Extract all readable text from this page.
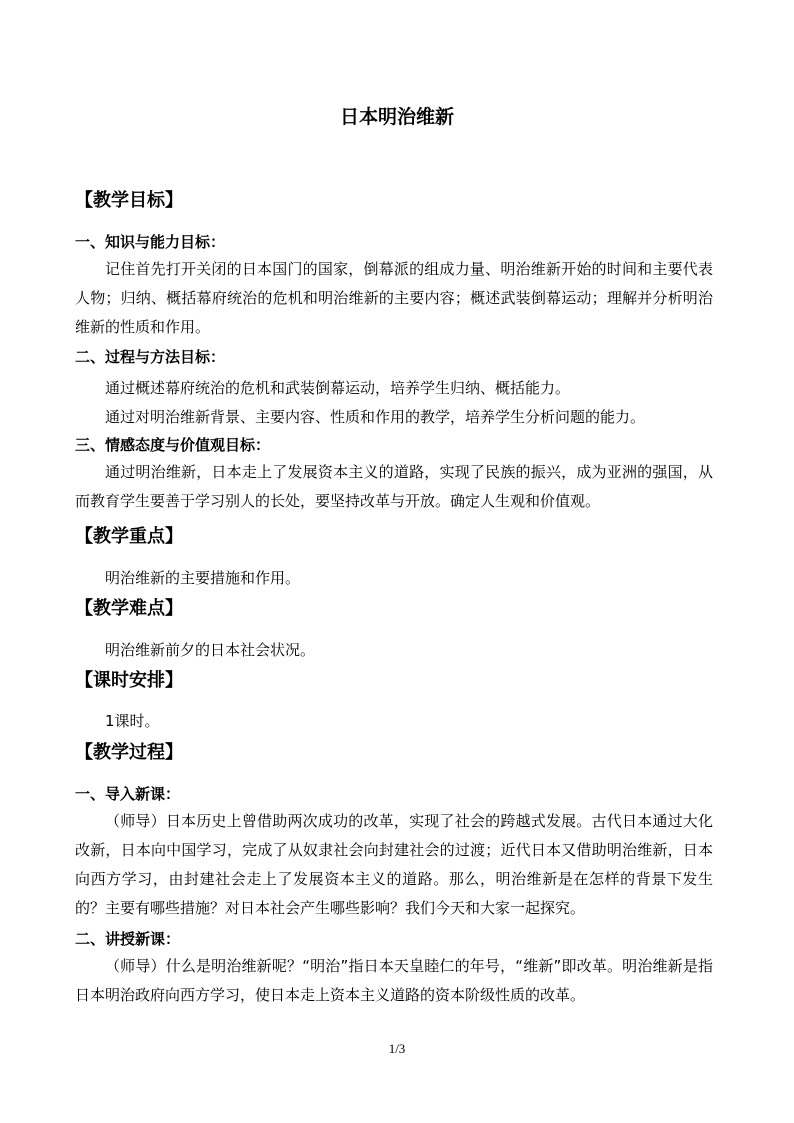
日本明治维新
【教学目标】
一、知识与能力目标：
记住首先打开关闭的日本国门的国家，倒幕派的组成力量、明治维新开始的时间和主要代表人物；归纳、概括幕府统治的危机和明治维新的主要内容；概述武装倒幕运动；理解并分析明治维新的性质和作用。
二、过程与方法目标：
通过概述幕府统治的危机和武装倒幕运动，培养学生归纳、概括能力。
通过对明治维新背景、主要内容、性质和作用的教学，培养学生分析问题的能力。
三、情感态度与价值观目标：
通过明治维新，日本走上了发展资本主义的道路，实现了民族的振兴，成为亚洲的强国，从而教育学生要善于学习别人的长处，要坚持改革与开放。确定人生观和价值观。
【教学重点】
明治维新的主要措施和作用。
【教学难点】
明治维新前夕的日本社会状况。
【课时安排】
1课时。
【教学过程】
一、导入新课：
（师导）日本历史上曾借助两次成功的改革，实现了社会的跨越式发展。古代日本通过大化改新，日本向中国学习，完成了从奴隶社会向封建社会的过渡；近代日本又借助明治维新，日本向西方学习，由封建社会走上了发展资本主义的道路。那么，明治维新是在怎样的背景下发生的？主要有哪些措施？对日本社会产生哪些影响？我们今天和大家一起探究。
二、讲授新课：
（师导）什么是明治维新呢？“明治”指日本天皇睦仁的年号，“维新”即改革。明治维新是指日本明治政府向西方学习，使日本走上资本主义道路的资本阶级性质的改革。
1/3
